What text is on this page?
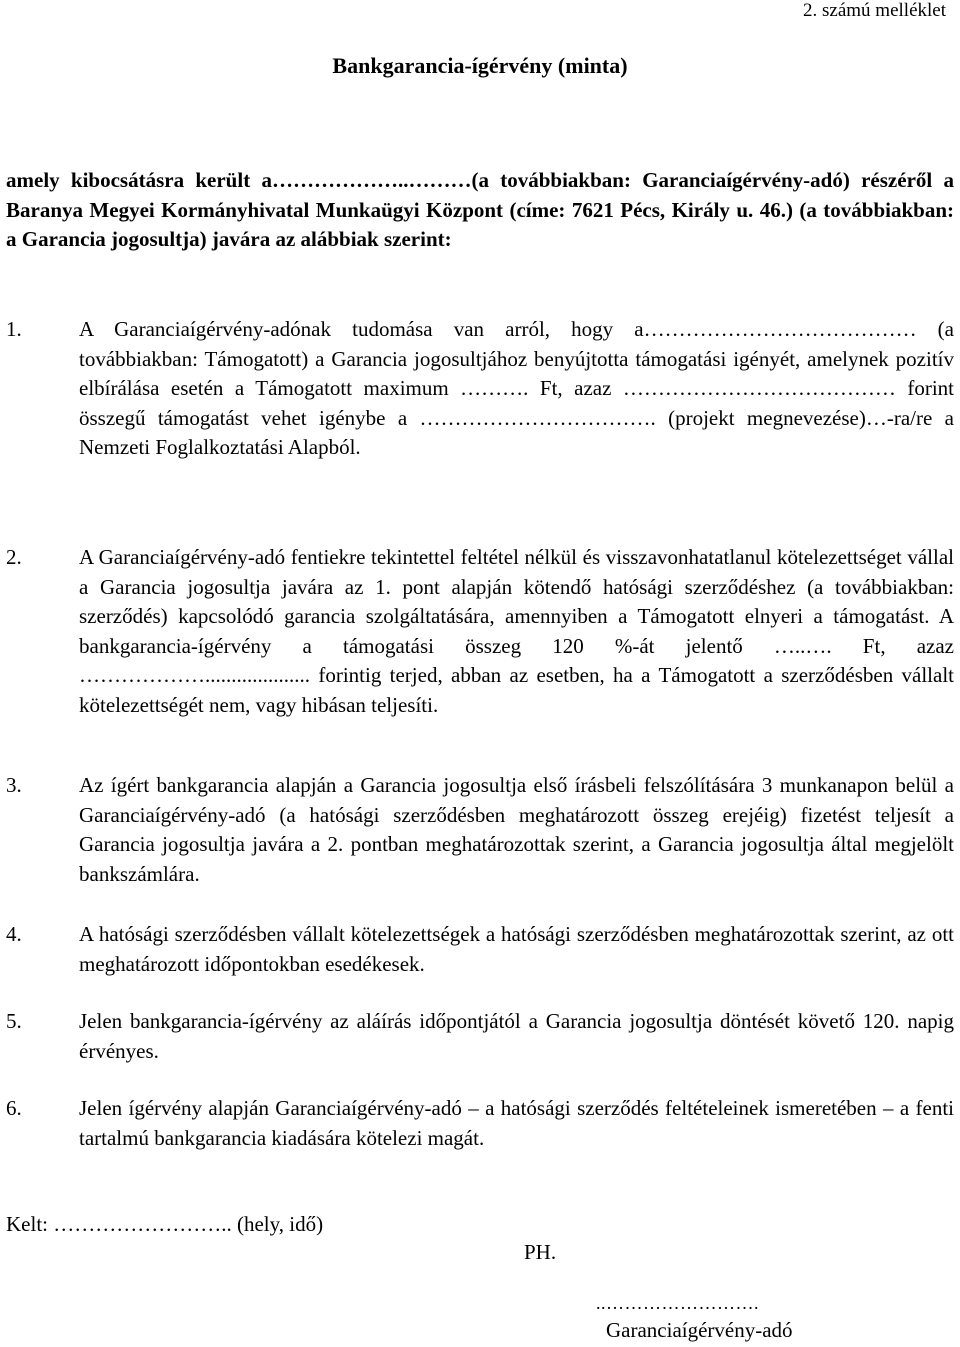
2. számú melléklet
Bankgarancia-ígérvény (minta)

amely kibocsátásra került a………………..………(a továbbiakban: Garanciaígérvény-adó) részéről a Baranya Megyei Kormányhivatal Munkaügyi Központ (címe: 7621 Pécs, Király u. 46.) (a továbbiakban: a Garancia jogosultja) javára az alábbiak szerint:

1.	A Garanciaígérvény-adónak tudomása van arról, hogy a………………………………… (a továbbiakban: Támogatott) a Garancia jogosultjához benyújtotta támogatási igényét, amelynek pozitív elbírálása esetén a Támogatott maximum ………. Ft, azaz ………………………………… forint összegű támogatást vehet igénybe a ……………………………. (projekt megnevezése)…-ra/re a Nemzeti Foglalkoztatási Alapból.
2.	A Garanciaígérvény-adó fentiekre tekintettel feltétel nélkül és visszavonhatatlanul kötelezettséget vállal a Garancia jogosultja javára az 1. pont alapján kötendő hatósági szerződéshez (a továbbiakban: szerződés) kapcsolódó garancia szolgáltatására, amennyiben a Támogatott elnyeri a támogatást. A bankgarancia-ígérvény a támogatási összeg 120 %-át jelentő …..…. Ft, azaz ……………….................... forintig terjed, abban az esetben, ha a Támogatott a szerződésben vállalt kötelezettségét nem, vagy hibásan teljesíti.
3.	Az ígért bankgarancia alapján a Garancia jogosultja első írásbeli felszólítására 3 munkanapon belül a Garanciaígérvény-adó (a hatósági szerződésben meghatározott összeg erejéig) fizetést teljesít a Garancia jogosultja javára a 2. pontban meghatározottak szerint, a Garancia jogosultja által megjelölt bankszámlára.
4.	A hatósági szerződésben vállalt kötelezettségek a hatósági szerződésben meghatározottak szerint, az ott meghatározott időpontokban esedékesek.
5.	Jelen bankgarancia-ígérvény az aláírás időpontjától a Garancia jogosultja döntését követő 120. napig érvényes.
6.	Jelen ígérvény alapján Garanciaígérvény-adó – a hatósági szerződés feltételeinek ismeretében – a fenti tartalmú bankgarancia kiadására kötelezi magát.
Kelt: …………………….. (hely, idő)
PH.
..…………………….
Garanciaígérvény-adó
